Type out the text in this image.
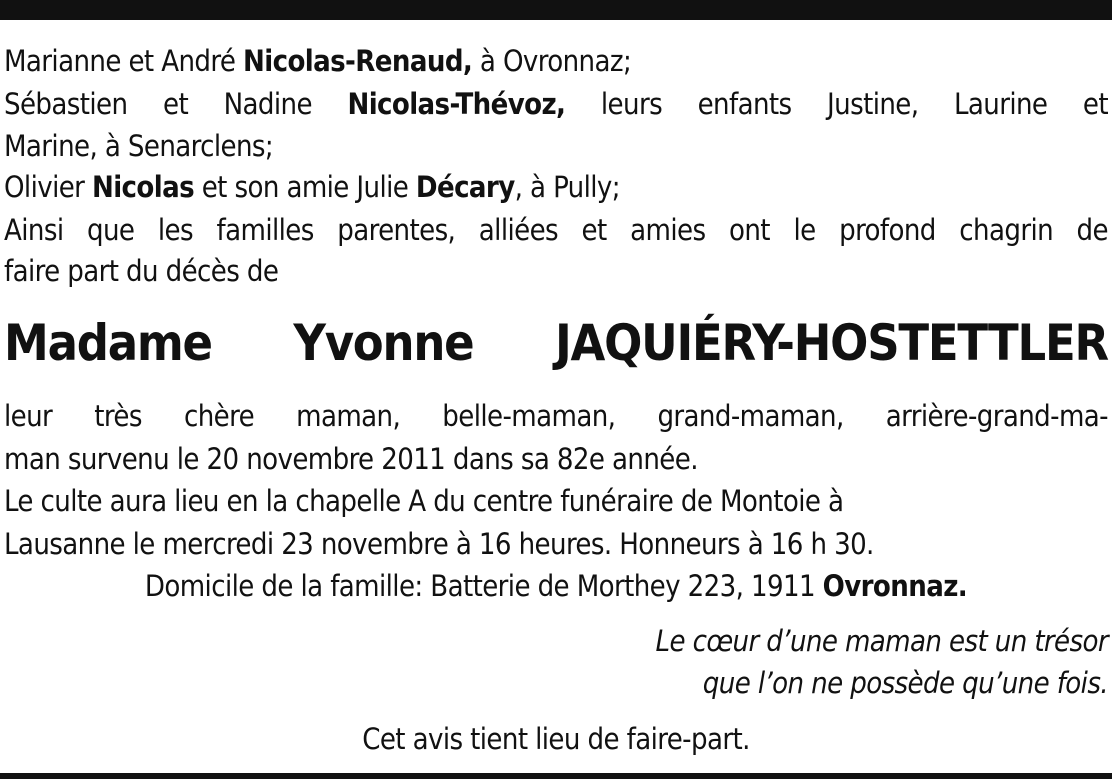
Marianne et André Nicolas-Renaud, à Ovronnaz;
Sébastien et Nadine Nicolas-Thévoz, leurs enfants Justine, Laurine et
Marine, à Senarclens;
Olivier Nicolas et son amie Julie Décary, à Pully;
Ainsi que les familles parentes, alliées et amies ont le profond chagrin de
faire part du décès de
Madame Yvonne JAQUIÉRY-HOSTETTLER
leur très chère maman, belle-maman, grand-maman, arrière-grand-ma-
man survenu le 20 novembre 2011 dans sa 82e année.
Le culte aura lieu en la chapelle A du centre funéraire de Montoie à
Lausanne le mercredi 23 novembre à 16 heures. Honneurs à 16 h 30.
Domicile de la famille: Batterie de Morthey 223, 1911 Ovronnaz.
Le cœur d’une maman est un trésor
que l’on ne possède qu’une fois.
Cet avis tient lieu de faire-part.
